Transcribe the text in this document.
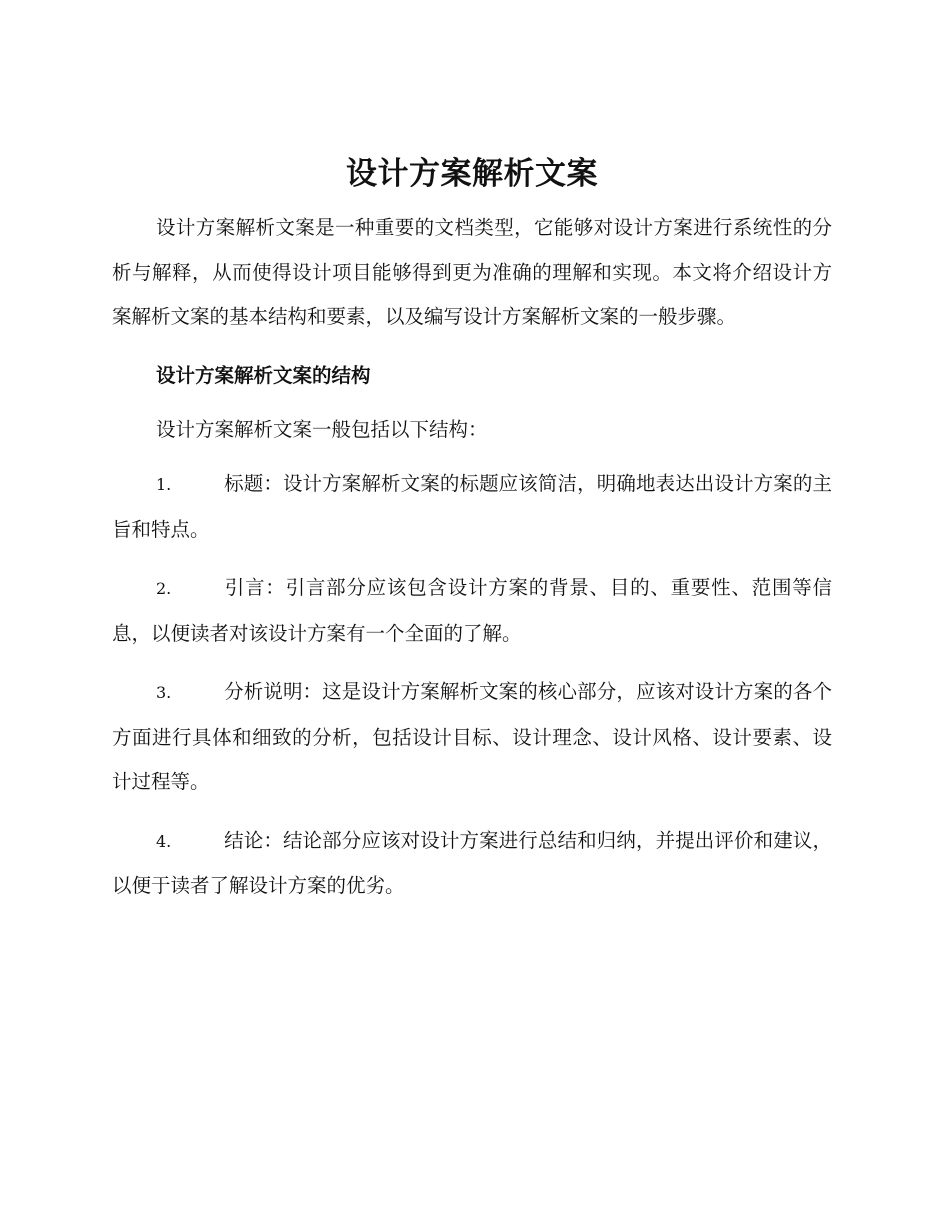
设计方案解析文案

设计方案解析文案是一种重要的文档类型，它能够对设计方案进行系统性的分析与解释，从而使得设计项目能够得到更为准确的理解和实现。本文将介绍设计方案解析文案的基本结构和要素，以及编写设计方案解析文案的一般步骤。

设计方案解析文案的结构

设计方案解析文案一般包括以下结构：

1.	标题：设计方案解析文案的标题应该简洁，明确地表达出设计方案的主旨和特点。

2.	引言：引言部分应该包含设计方案的背景、目的、重要性、范围等信息，以便读者对该设计方案有一个全面的了解。

3.	分析说明：这是设计方案解析文案的核心部分，应该对设计方案的各个方面进行具体和细致的分析，包括设计目标、设计理念、设计风格、设计要素、设计过程等。

4.	结论：结论部分应该对设计方案进行总结和归纳，并提出评价和建议，以便于读者了解设计方案的优劣。
